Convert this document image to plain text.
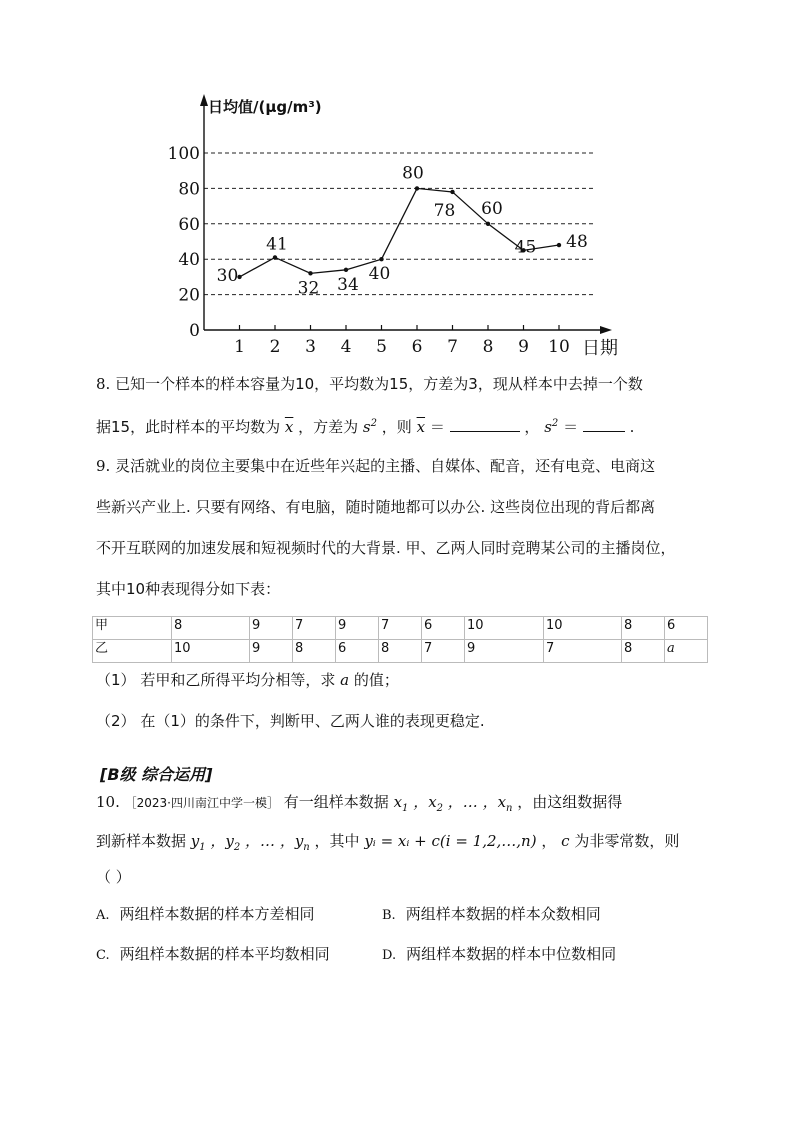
0
20
40
60
80
100
1 2 3 4 5 6 7 8 9 10
日均值/(μg/m³)
日期
30
41
32 34
40
80
78 60
45 48
8. 已知一个样本的样本容量为10，平均数为15，方差为3，现从样本中去掉一个数
据15，此时样本的平均数为 $\overline{x}$ ，方差为 $s^2$ ，则 $\overline{x}$ ＝	， $s^2$ ＝	.
9. 灵活就业的岗位主要集中在近些年兴起的主播、自媒体、配音，还有电竞、电商这
些新兴产业上. 只要有网络、有电脑，随时随地都可以办公. 这些岗位出现的背后都离
不开互联网的加速发展和短视频时代的大背景. 甲、乙两人同时竞聘某公司的主播岗位，
其中10种表现得分如下表：
甲	8	9	7	9	7	6	10	10	8	6
乙	10	9	8	6	8	7	9	7	8	a
（1） 若甲和乙所得平均分相等，求 a 的值；
（2） 在（1）的条件下，判断甲、乙两人谁的表现更稳定.
[B级 综合运用]
10. ［2023·四川南江中学一模］ 有一组样本数据 $x_1$ ，$x_2$ ，… ，$x_n$ ，由这组数据得
到新样本数据 $y_1$ ，$y_2$ ，… ，$y_n$ ，其中 yᵢ = xᵢ + c(i = 1,2,…,n) ， c 为非零常数，则
（ ）
A. 两组样本数据的样本方差相同	B. 两组样本数据的样本众数相同
C. 两组样本数据的样本平均数相同	D. 两组样本数据的样本中位数相同
